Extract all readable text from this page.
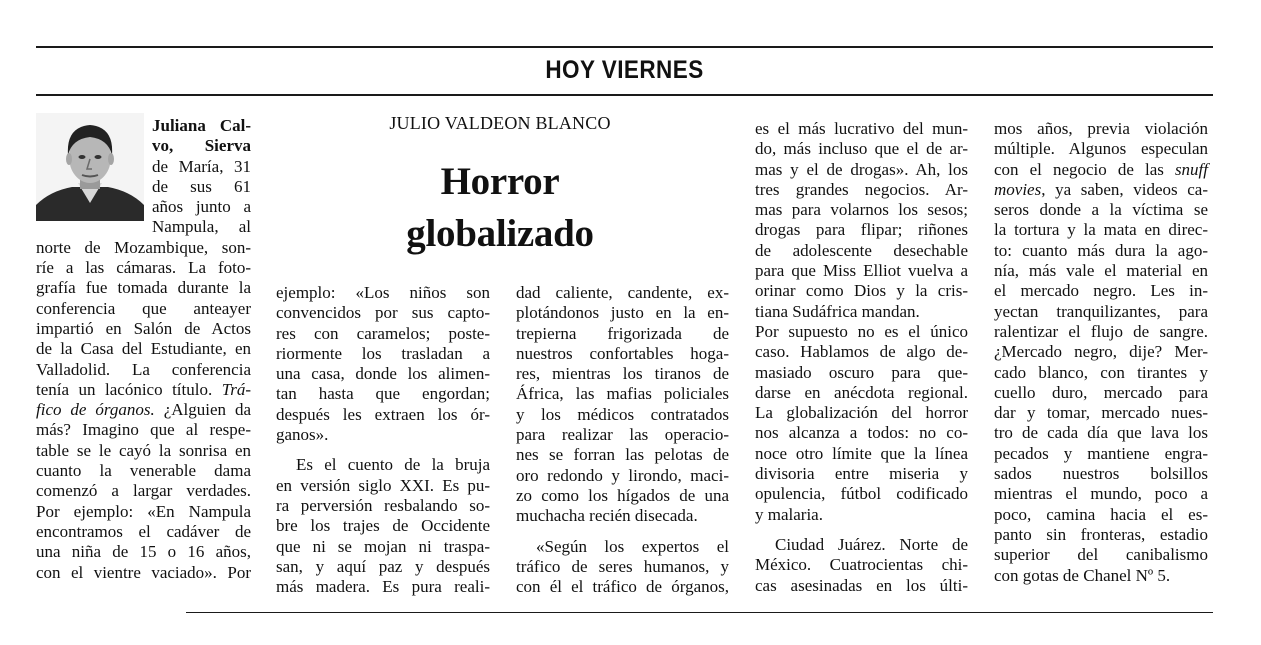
HOY VIERNES
JULIO VALDEON BLANCO
Horror
globalizado
Juliana Cal-
vo, Sierva
de María, 31
de sus 61
años junto a
Nampula, al
norte de Mozambique, son-
ríe a las cámaras. La foto-
grafía fue tomada durante la
conferencia que anteayer
impartió en Salón de Actos
de la Casa del Estudiante, en
Valladolid. La conferencia
tenía un lacónico título. Trá-
fico de órganos. ¿Alguien da
más? Imagino que al respe-
table se le cayó la sonrisa en
cuanto la venerable dama
comenzó a largar verdades.
Por ejemplo: «En Nampula
encontramos el cadáver de
una niña de 15 o 16 años,
con el vientre vaciado». Por
ejemplo: «Los niños son
convencidos por sus captо-
res con caramelos; poste-
riormente los trasladan a
una casa, donde los alimen-
tan hasta que engordan;
después les extraen los ór-
ganos».
Es el cuento de la bruja
en versión siglo XXI. Es pu-
ra perversión resbalando so-
bre los trajes de Occidente
que ni se mojan ni traspa-
san, y aquí paz y después
más madera. Es pura reali-
dad caliente, candente, ex-
plotándonos justo en la en-
trepierna frigorizada de
nuestros confortables hoga-
res, mientras los tiranos de
África, las mafias policiales
y los médicos contratados
para realizar las operacio-
nes se forran las pelotas de
oro redondo y lirondo, maci-
zo como los hígados de una
muchacha recién disecada.
«Según los expertos el
tráfico de seres humanos, y
con él el tráfico de órganos,
es el más lucrativo del mun-
do, más incluso que el de ar-
mas y el de drogas». Ah, los
tres grandes negocios. Ar-
mas para volarnos los sesos;
drogas para flipar; riñones
de adolescente desechable
para que Miss Elliot vuelva a
orinar como Dios y la cris-
tiana Sudáfrica mandan.
Por supuesto no es el único
caso. Hablamos de algo de-
masiado oscuro para que-
darse en anécdota regional.
La globalización del horror
nos alcanza a todos: no co-
noce otro límite que la línea
divisoria entre miseria y
opulencia, fútbol codificado
y malaria.
Ciudad Juárez. Norte de
México. Cuatrocientas chi-
cas asesinadas en los últi-
mos años, previa violación
múltiple. Algunos especulan
con el negocio de las snuff
movies, ya saben, videos ca-
seros donde a la víctima se
la tortura y la mata en direc-
to: cuanto más dura la ago-
nía, más vale el material en
el mercado negro. Les in-
yectan tranquilizantes, para
ralentizar el flujo de sangre.
¿Mercado negro, dije? Mer-
cado blanco, con tirantes y
cuello duro, mercado para
dar y tomar, mercado nues-
tro de cada día que lava los
pecados y mantiene engra-
sados nuestros bolsillos
mientras el mundo, poco a
poco, camina hacia el es-
panto sin fronteras, estadio
superior del canibalismo
con gotas de Chanel Nº 5.
